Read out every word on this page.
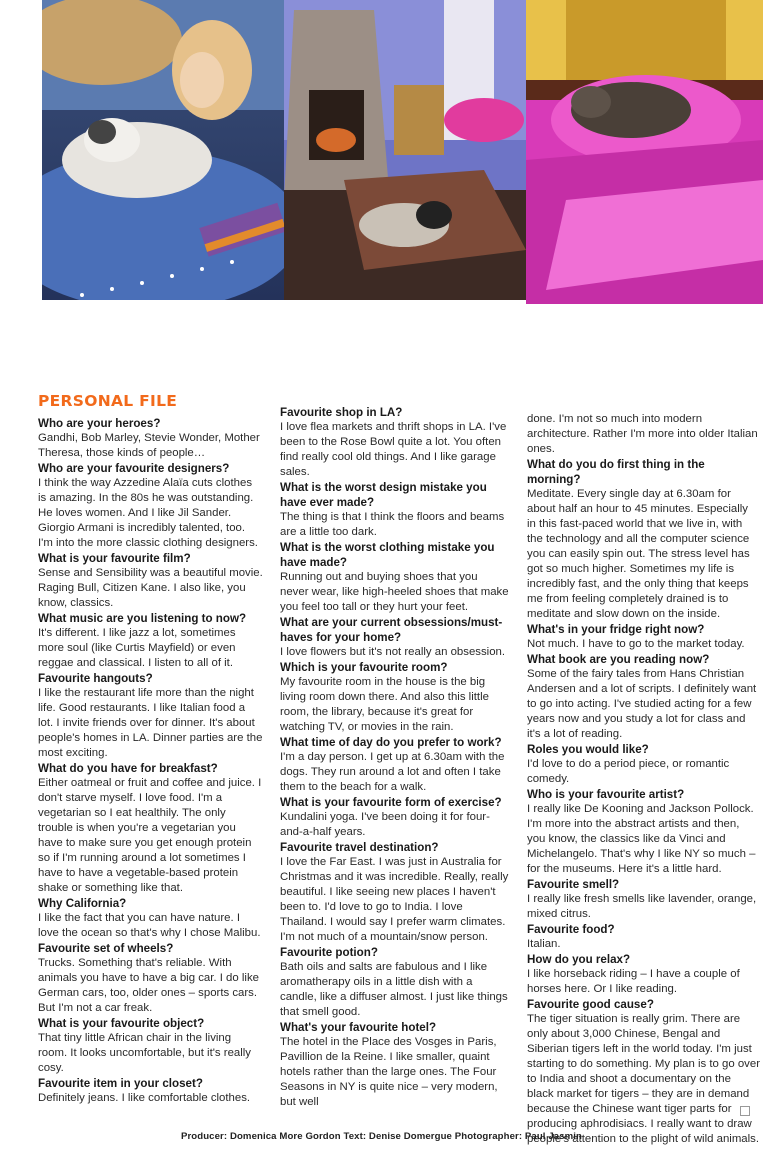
PERSONAL FILE
Who are your heroes?
Gandhi, Bob Marley, Stevie Wonder, Mother Theresa, those kinds of people…
Who are your favourite designers?
I think the way Azzedine Alaïa cuts clothes is amazing. In the 80s he was outstanding. He loves women. And I like Jil Sander. Giorgio Armani is incredibly talented, too. I'm into the more classic clothing designers.
What is your favourite film?
Sense and Sensibility was a beautiful movie. Raging Bull, Citizen Kane. I also like, you know, classics.
What music are you listening to now?
It's different. I like jazz a lot, sometimes more soul (like Curtis Mayfield) or even reggae and classical. I listen to all of it.
Favourite hangouts?
I like the restaurant life more than the night life. Good restaurants. I like Italian food a lot. I invite friends over for dinner. It's about people's homes in LA. Dinner parties are the most exciting.
What do you have for breakfast?
Either oatmeal or fruit and coffee and juice. I don't starve myself. I love food. I'm a vegetarian so I eat healthily. The only trouble is when you're a vegetarian you have to make sure you get enough protein so if I'm running around a lot sometimes I have to have a vegetable-based protein shake or something like that.
Why California?
I like the fact that you can have nature. I love the ocean so that's why I chose Malibu.
Favourite set of wheels?
Trucks. Something that's reliable. With animals you have to have a big car. I do like German cars, too, older ones – sports cars. But I'm not a car freak.
What is your favourite object?
That tiny little African chair in the living room. It looks uncomfortable, but it's really cosy.
Favourite item in your closet?
Definitely jeans. I like comfortable clothes.
Favourite shop in LA?
I love flea markets and thrift shops in LA. I've been to the Rose Bowl quite a lot. You often find really cool old things. And I like garage sales.
What is the worst design mistake you have ever made?
The thing is that I think the floors and beams are a little too dark.
What is the worst clothing mistake you have made?
Running out and buying shoes that you never wear, like high-heeled shoes that make you feel too tall or they hurt your feet.
What are your current obsessions/must-haves for your home?
I love flowers but it's not really an obsession.
Which is your favourite room?
My favourite room in the house is the big living room down there. And also this little room, the library, because it's great for watching TV, or movies in the rain.
What time of day do you prefer to work?
I'm a day person. I get up at 6.30am with the dogs. They run around a lot and often I take them to the beach for a walk.
What is your favourite form of exercise?
Kundalini yoga. I've been doing it for four-and-a-half years.
Favourite travel destination?
I love the Far East. I was just in Australia for Christmas and it was incredible. Really, really beautiful. I like seeing new places I haven't been to. I'd love to go to India. I love Thailand. I would say I prefer warm climates. I'm not much of a mountain/snow person.
Favourite potion?
Bath oils and salts are fabulous and I like aromatherapy oils in a little dish with a candle, like a diffuser almost. I just like things that smell good.
What's your favourite hotel?
The hotel in the Place des Vosges in Paris, Pavillion de la Reine. I like smaller, quaint hotels rather than the large ones. The Four Seasons in NY is quite nice – very modern, but well
done. I'm not so much into modern architecture. Rather I'm more into older Italian ones.
What do you do first thing in the morning?
Meditate. Every single day at 6.30am for about half an hour to 45 minutes. Especially in this fast-paced world that we live in, with the technology and all the computer science you can easily spin out. The stress level has got so much higher. Sometimes my life is incredibly fast, and the only thing that keeps me from feeling completely drained is to meditate and slow down on the inside.
What's in your fridge right now?
Not much. I have to go to the market today.
What book are you reading now?
Some of the fairy tales from Hans Christian Andersen and a lot of scripts. I definitely want to go into acting. I've studied acting for a few years now and you study a lot for class and it's a lot of reading.
Roles you would like?
I'd love to do a period piece, or romantic comedy.
Who is your favourite artist?
I really like De Kooning and Jackson Pollock. I'm more into the abstract artists and then, you know, the classics like da Vinci and Michelangelo. That's why I like NY so much – for the museums. Here it's a little hard.
Favourite smell?
I really like fresh smells like lavender, orange, mixed citrus.
Favourite food?
Italian.
How do you relax?
I like horseback riding – I have a couple of horses here. Or I like reading.
Favourite good cause?
The tiger situation is really grim. There are only about 3,000 Chinese, Bengal and Siberian tigers left in the world today. I'm just starting to do something. My plan is to go over to India and shoot a documentary on the black market for tigers – they are in demand because the Chinese want tiger parts for producing aphrodisiacs. I really want to draw people's attention to the plight of wild animals.
Producer: Domenica More Gordon Text: Denise Domergue Photographer: Paul Jasmin
